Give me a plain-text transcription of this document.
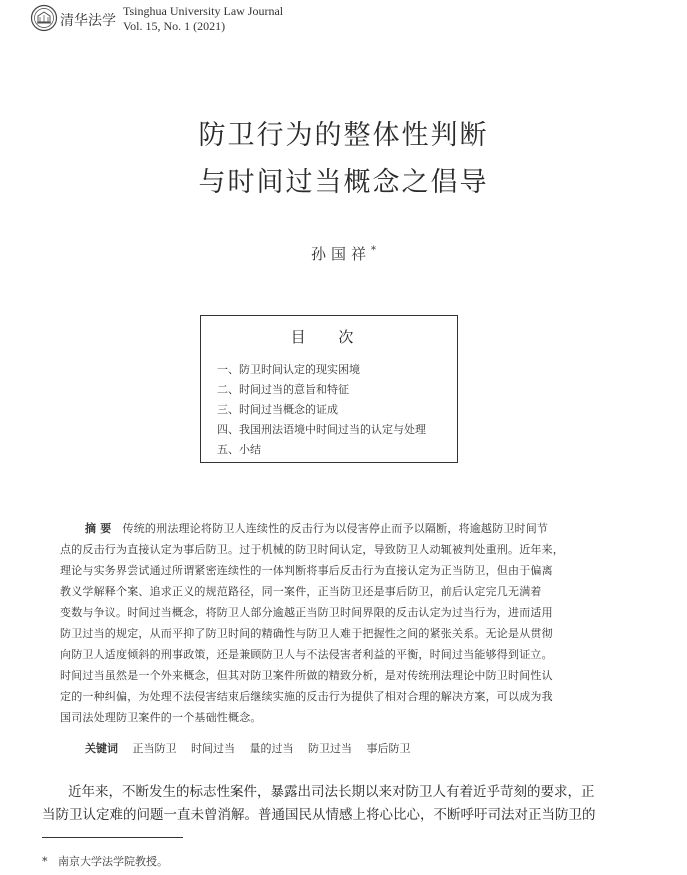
清华法学
Tsinghua University Law Journal
Vol. 15, No. 1 (2021)
防卫行为的整体性判断
与时间过当概念之倡导
孙国祥*
目 次
一、防卫时间认定的现实困境
二、时间过当的意旨和特征
三、时间过当概念的证成
四、我国刑法语境中时间过当的认定与处理
五、小结
摘 要 传统的刑法理论将防卫人连续性的反击行为以侵害停止而予以隔断，将逾越防卫时间节
点的反击行为直接认定为事后防卫。过于机械的防卫时间认定，导致防卫人动辄被判处重刑。近年来，
理论与实务界尝试通过所谓紧密连续性的一体判断将事后反击行为直接认定为正当防卫，但由于偏离
教义学解释个案、追求正义的规范路径，同一案件，正当防卫还是事后防卫，前后认定完几无满着
变数与争议。时间过当概念，将防卫人部分逾越正当防卫时间界限的反击认定为过当行为，进而适用
防卫过当的规定，从而平抑了防卫时间的精确性与防卫人难于把握性之间的紧张关系。无论是从贯彻
向防卫人适度倾斜的刑事政策，还是兼顾防卫人与不法侵害者利益的平衡，时间过当能够得到证立。
时间过当虽然是一个外来概念，但其对防卫案件所做的精致分析，是对传统刑法理论中防卫时间性认
定的一种纠偏，为处理不法侵害结束后继续实施的反击行为提供了相对合理的解决方案，可以成为我
国司法处理防卫案件的一个基础性概念。
关键词 正当防卫 时间过当 量的过当 防卫过当 事后防卫
近年来，不断发生的标志性案件，暴露出司法长期以来对防卫人有着近乎苛刻的要求，正
当防卫认定难的问题一直未曾消解。普通国民从情感上将心比心，不断呼吁司法对正当防卫的
* 南京大学法学院教授。
